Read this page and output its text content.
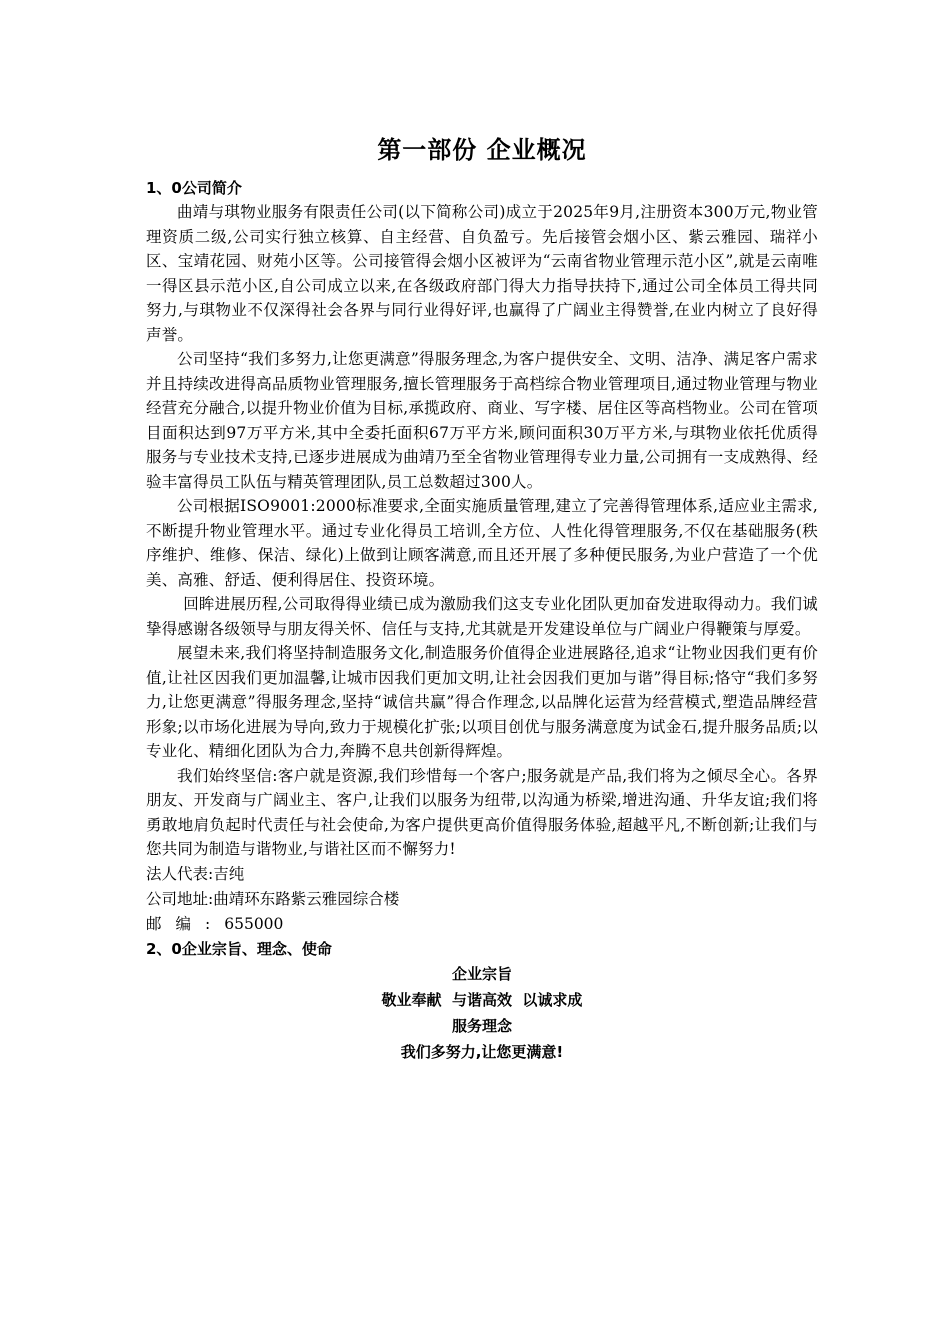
第一部份 企业概况
1、0公司简介

曲靖与琪物业服务有限责任公司(以下简称公司)成立于2025年9月,注册资本300万元,物业管理资质二级,公司实行独立核算、自主经营、自负盈亏。先后接管会烟小区、紫云雅园、瑞祥小区、宝靖花园、财苑小区等。公司接管得会烟小区被评为“云南省物业管理示范小区”,就是云南唯一得区县示范小区,自公司成立以来,在各级政府部门得大力指导扶持下,通过公司全体员工得共同努力,与琪物业不仅深得社会各界与同行业得好评,也赢得了广阔业主得赞誉,在业内树立了良好得声誉。

公司坚持“我们多努力,让您更满意”得服务理念,为客户提供安全、文明、洁净、满足客户需求并且持续改进得高品质物业管理服务,擅长管理服务于高档综合物业管理项目,通过物业管理与物业经营充分融合,以提升物业价值为目标,承揽政府、商业、写字楼、居住区等高档物业。公司在管项目面积达到97万平方米,其中全委托面积67万平方米,顾问面积30万平方米,与琪物业依托优质得服务与专业技术支持,已逐步进展成为曲靖乃至全省物业管理得专业力量,公司拥有一支成熟得、经验丰富得员工队伍与精英管理团队,员工总数超过300人。

公司根据ISO9001:2000标准要求,全面实施质量管理,建立了完善得管理体系,适应业主需求,不断提升物业管理水平。通过专业化得员工培训,全方位、人性化得管理服务,不仅在基础服务(秩序维护、维修、保洁、绿化)上做到让顾客满意,而且还开展了多种便民服务,为业户营造了一个优美、高雅、舒适、便利得居住、投资环境。

回眸进展历程,公司取得得业绩已成为激励我们这支专业化团队更加奋发进取得动力。我们诚挚得感谢各级领导与朋友得关怀、信任与支持,尤其就是开发建设单位与广阔业户得鞭策与厚爱。

展望未来,我们将坚持制造服务文化,制造服务价值得企业进展路径,追求“让物业因我们更有价值,让社区因我们更加温馨,让城市因我们更加文明,让社会因我们更加与谐”得目标;恪守“我们多努力,让您更满意”得服务理念,坚持“诚信共赢”得合作理念,以品牌化运营为经营模式,塑造品牌经营形象;以市场化进展为导向,致力于规模化扩张;以项目创优与服务满意度为试金石,提升服务品质;以专业化、精细化团队为合力,奔腾不息共创新得辉煌。

我们始终坚信:客户就是资源,我们珍惜每一个客户;服务就是产品,我们将为之倾尽全心。各界朋友、开发商与广阔业主、客户,让我们以服务为纽带,以沟通为桥梁,增进沟通、升华友谊;我们将勇敢地肩负起时代责任与社会使命,为客户提供更高价值得服务体验,超越平凡,不断创新;让我们与您共同为制造与谐物业,与谐社区而不懈努力!

法人代表:吉纯

公司地址:曲靖环东路紫云雅园综合楼

邮编:655000

2、0企业宗旨、理念、使命

企业宗旨

敬业奉献  与谐高效  以诚求成

服务理念

我们多努力,让您更满意!
